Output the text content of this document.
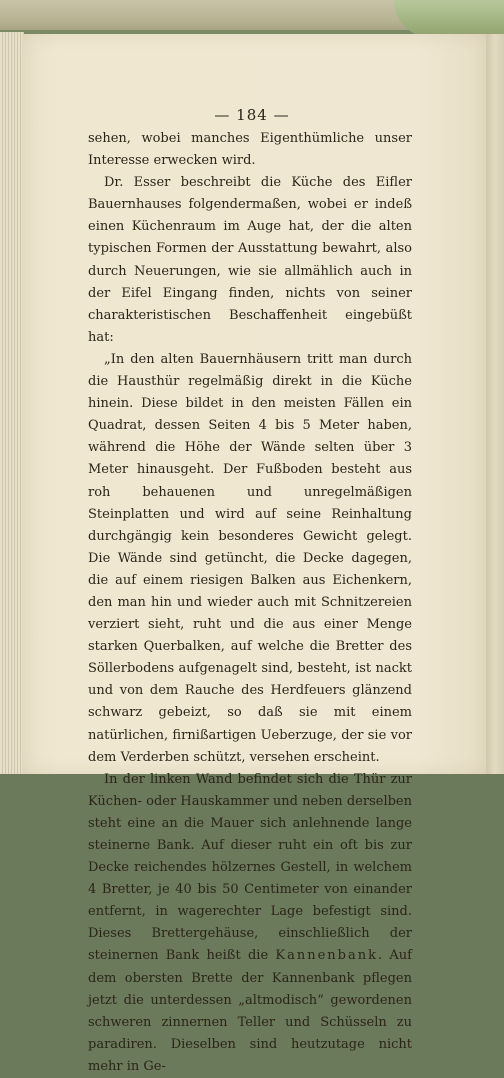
— 184 —

sehen, wobei manches Eigenthümliche unser Interesse erwecken wird.

Dr. Esser beschreibt die Küche des Eifler Bauernhauses folgendermaßen, wobei er indeß einen Küchenraum im Auge hat, der die alten typischen Formen der Ausstattung bewahrt, also durch Neuerungen, wie sie allmählich auch in der Eifel Eingang finden, nichts von seiner charakteristischen Beschaffenheit eingebüßt hat:

„In den alten Bauernhäusern tritt man durch die Hausthür regelmäßig direkt in die Küche hinein. Diese bildet in den meisten Fällen ein Quadrat, dessen Seiten 4 bis 5 Meter haben, während die Höhe der Wände selten über 3 Meter hinausgeht. Der Fußboden besteht aus roh behauenen und unregelmäßigen Steinplatten und wird auf seine Reinhaltung durchgängig kein besonderes Gewicht gelegt. Die Wände sind getüncht, die Decke dagegen, die auf einem riesigen Balken aus Eichenkern, den man hin und wieder auch mit Schnitzereien verziert sieht, ruht und die aus einer Menge starken Querbalken, auf welche die Bretter des Söllerbodens aufgenagelt sind, besteht, ist nackt und von dem Rauche des Herdfeuers glänzend schwarz gebeizt, so daß sie mit einem natürlichen, firnißartigen Ueberzuge, der sie vor dem Verderben schützt, versehen erscheint.

In der linken Wand befindet sich die Thür zur Küchen- oder Hauskammer und neben derselben steht eine an die Mauer sich anlehnende lange steinerne Bank. Auf dieser ruht ein oft bis zur Decke reichendes hölzernes Gestell, in welchem 4 Bretter, je 40 bis 50 Centimeter von einander entfernt, in wagerechter Lage befestigt sind. Dieses Brettergehäuse, einschließlich der steinernen Bank heißt die Kannenbank. Auf dem obersten Brette der Kannenbank pflegen jetzt die unterdessen „altmodisch“ gewordenen schweren zinnernen Teller und Schüsseln zu paradiren. Dieselben sind heutzutage nicht mehr in Ge-
